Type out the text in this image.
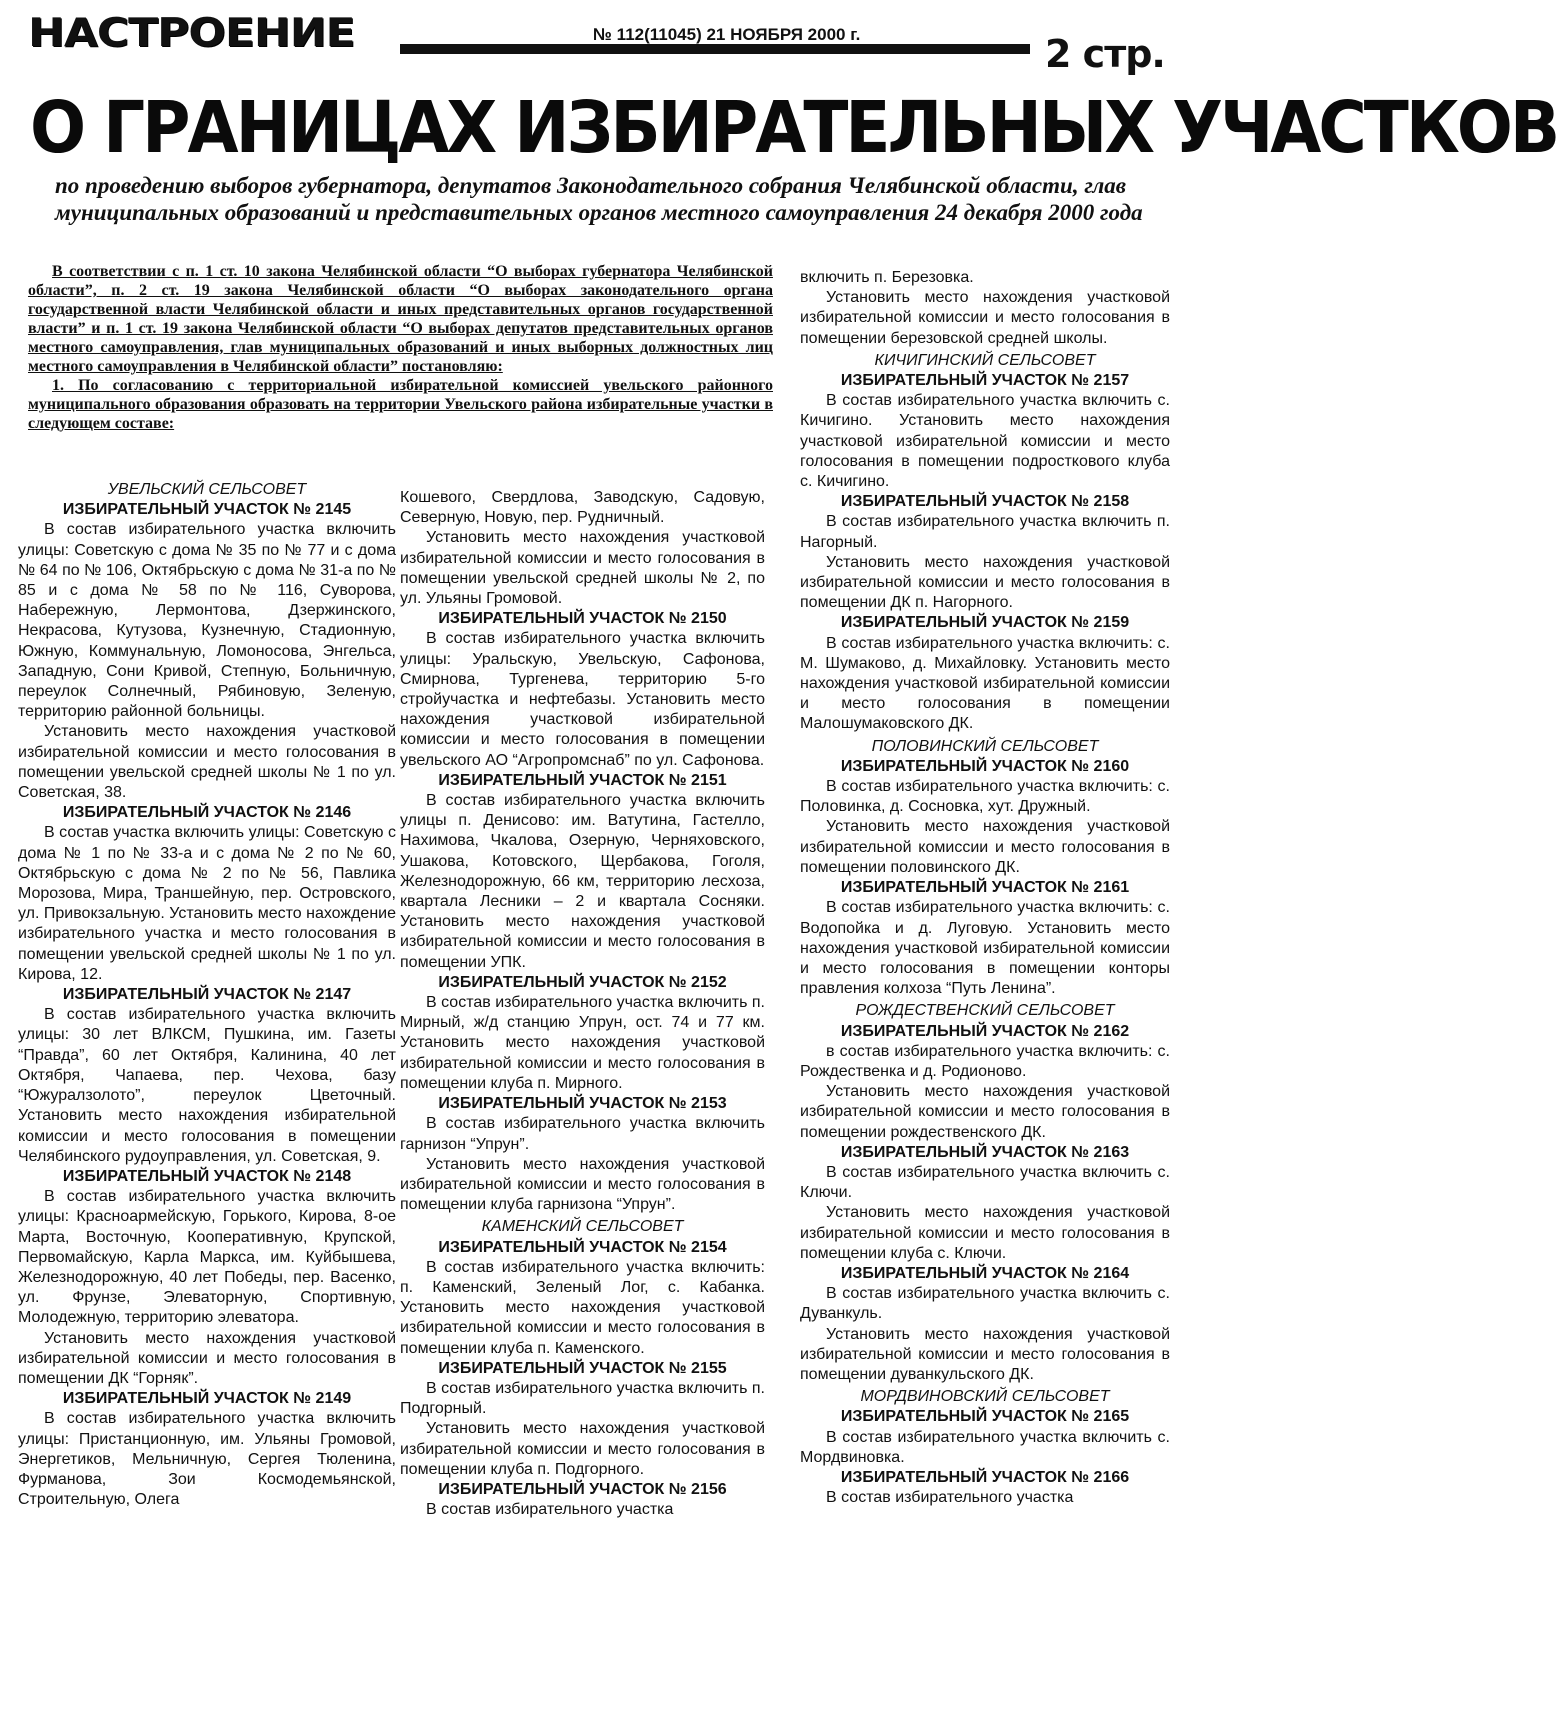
НАСТРОЕНИЕ	№ 112(11045) 21 НОЯБРЯ 2000 г.	2 стр.
О ГРАНИЦАХ ИЗБИРАТЕЛЬНЫХ УЧАСТКОВ
по проведению выборов губернатора, депутатов Законодательного собрания Челябинской области, глав муниципальных образований и представительных органов местного самоуправления 24 декабря 2000 года

В соответствии с п. 1 ст. 10 закона Челябинской области “О выборах губернатора Челябинской области”, п. 2 ст. 19 закона Челябинской области “О выборах законодательного органа государственной власти Челябинской области и иных представительных органов государственной власти” и п. 1 ст. 19 закона Челябинской области “О выборах депутатов представительных органов местного самоуправления, глав муниципальных образований и иных выборных должностных лиц местного самоуправления в Челябинской области” постановляю:

1. По согласованию с территориальной избирательной комиссией увельского районного муниципального образования образовать на территории Увельского района избирательные участки в следующем составе:

УВЕЛЬСКИЙ СЕЛЬСОВЕТ
ИЗБИРАТЕЛЬНЫЙ УЧАСТОК № 2145

В состав избирательного участка включить улицы: Советскую с дома № 35 по № 77 и с дома № 64 по № 106, Октябрьскую с дома № 31-а по № 85 и с дома № 58 по № 116, Суворова, Набережную, Лермонтова, Дзержинского, Некрасова, Кутузова, Кузнечную, Стадионную, Южную, Коммунальную, Ломоносова, Энгельса, Западную, Сони Кривой, Степную, Больничную, переулок Солнечный, Рябиновую, Зеленую, территорию районной больницы.

Установить место нахождения участковой избирательной комиссии и место голосования в помещении увельской средней школы № 1 по ул. Советская, 38.

ИЗБИРАТЕЛЬНЫЙ УЧАСТОК № 2146

В состав участка включить улицы: Советскую с дома № 1 по № 33-а и с дома № 2 по № 60, Октябрьскую с дома № 2 по № 56, Павлика Морозова, Мира, Траншейную, пер. Островского, ул. Привокзальную. Установить место нахождение избирательного участка и место голосования в помещении увельской средней школы № 1 по ул. Кирова, 12.

ИЗБИРАТЕЛЬНЫЙ УЧАСТОК № 2147

В состав избирательного участка включить улицы: 30 лет ВЛКСМ, Пушкина, им. Газеты “Правда”, 60 лет Октября, Калинина, 40 лет Октября, Чапаева, пер. Чехова, базу “Южуралзолото”, переулок Цветочный. Установить место нахождения избирательной комиссии и место голосования в помещении Челябинского рудоуправления, ул. Советская, 9.

ИЗБИРАТЕЛЬНЫЙ УЧАСТОК № 2148

В состав избирательного участка включить улицы: Красноармейскую, Горького, Кирова, 8-ое Марта, Восточную, Кооперативную, Крупской, Первомайскую, Карла Маркса, им. Куйбышева, Железнодорожную, 40 лет Победы, пер. Васенко, ул. Фрунзе, Элеваторную, Спортивную, Молодежную, территорию элеватора.

Установить место нахождения участковой избирательной комиссии и место голосования в помещении ДК “Горняк”.

ИЗБИРАТЕЛЬНЫЙ УЧАСТОК № 2149

В состав избирательного участка включить улицы: Пристанционную, им. Ульяны Громовой, Энергетиков, Мельничную, Сергея Тюленина, Фурманова, Зои Космодемьянской, Строительную, Олега

Кошевого, Свердлова, Заводскую, Садовую, Северную, Новую, пер. Рудничный.

Установить место нахождения участковой избирательной комиссии и место голосования в помещении увельской средней школы № 2, по ул. Ульяны Громовой.

ИЗБИРАТЕЛЬНЫЙ УЧАСТОК № 2150

В состав избирательного участка включить улицы: Уральскую, Увельскую, Сафонова, Смирнова, Тургенева, территорию 5-го стройучастка и нефтебазы. Установить место нахождения участковой избирательной комиссии и место голосования в помещении увельского АО “Агропромснаб” по ул. Сафонова.

ИЗБИРАТЕЛЬНЫЙ УЧАСТОК № 2151

В состав избирательного участка включить улицы п. Денисово: им. Ватутина, Гастелло, Нахимова, Чкалова, Озерную, Черняховского, Ушакова, Котовского, Щербакова, Гоголя, Железнодорожную, 66 км, территорию лесхоза, квартала Лесники – 2 и квартала Сосняки. Установить место нахождения участковой избирательной комиссии и место голосования в помещении УПК.

ИЗБИРАТЕЛЬНЫЙ УЧАСТОК № 2152

В состав избирательного участка включить п. Мирный, ж/д станцию Упрун, ост. 74 и 77 км. Установить место нахождения участковой избирательной комиссии и место голосования в помещении клуба п. Мирного.

ИЗБИРАТЕЛЬНЫЙ УЧАСТОК № 2153

В состав избирательного участка включить гарнизон “Упрун”.

Установить место нахождения участковой избирательной комиссии и место голосования в помещении клуба гарнизона “Упрун”.

КАМЕНСКИЙ СЕЛЬСОВЕТ
ИЗБИРАТЕЛЬНЫЙ УЧАСТОК № 2154

В состав избирательного участка включить: п. Каменский, Зеленый Лог, с. Кабанка. Установить место нахождения участковой избирательной комиссии и место голосования в помещении клуба п. Каменского.

ИЗБИРАТЕЛЬНЫЙ УЧАСТОК № 2155

В состав избирательного участка включить п. Подгорный.

Установить место нахождения участковой избирательной комиссии и место голосования в помещении клуба п. Подгорного.

ИЗБИРАТЕЛЬНЫЙ УЧАСТОК № 2156

В состав избирательного участка

включить п. Березовка.

Установить место нахождения участковой избирательной комиссии и место голосования в помещении березовской средней школы.

КИЧИГИНСКИЙ СЕЛЬСОВЕТ
ИЗБИРАТЕЛЬНЫЙ УЧАСТОК № 2157

В состав избирательного участка включить с. Кичигино. Установить место нахождения участковой избирательной комиссии и место голосования в помещении подросткового клуба с. Кичигино.

ИЗБИРАТЕЛЬНЫЙ УЧАСТОК № 2158

В состав избирательного участка включить п. Нагорный.

Установить место нахождения участковой избирательной комиссии и место голосования в помещении ДК п. Нагорного.

ИЗБИРАТЕЛЬНЫЙ УЧАСТОК № 2159

В состав избирательного участка включить: с. М. Шумаково, д. Михайловку. Установить место нахождения участковой избирательной комиссии и место голосования в помещении Малошумаковского ДК.

ПОЛОВИНСКИЙ СЕЛЬСОВЕТ
ИЗБИРАТЕЛЬНЫЙ УЧАСТОК № 2160

В состав избирательного участка включить: с. Половинка, д. Сосновка, хут. Дружный.

Установить место нахождения участковой избирательной комиссии и место голосования в помещении половинского ДК.

ИЗБИРАТЕЛЬНЫЙ УЧАСТОК № 2161

В состав избирательного участка включить: с. Водопойка и д. Луговую. Установить место нахождения участковой избирательной комиссии и место голосования в помещении конторы правления колхоза “Путь Ленина”.

РОЖДЕСТВЕНСКИЙ СЕЛЬСОВЕТ
ИЗБИРАТЕЛЬНЫЙ УЧАСТОК № 2162

в состав избирательного участка включить: с. Рождественка и д. Родионово.

Установить место нахождения участковой избирательной комиссии и место голосования в помещении рождественского ДК.

ИЗБИРАТЕЛЬНЫЙ УЧАСТОК № 2163

В состав избирательного участка включить с. Ключи.

Установить место нахождения участковой избирательной комиссии и место голосования в помещении клуба с. Ключи.

ИЗБИРАТЕЛЬНЫЙ УЧАСТОК № 2164

В состав избирательного участка включить с. Дуванкуль.

Установить место нахождения участковой избирательной комиссии и место голосования в помещении дуванкульского ДК.

МОРДВИНОВСКИЙ СЕЛЬСОВЕТ
ИЗБИРАТЕЛЬНЫЙ УЧАСТОК № 2165

В состав избирательного участка включить с. Мордвиновка.

ИЗБИРАТЕЛЬНЫЙ УЧАСТОК № 2166

В состав избирательного участка
